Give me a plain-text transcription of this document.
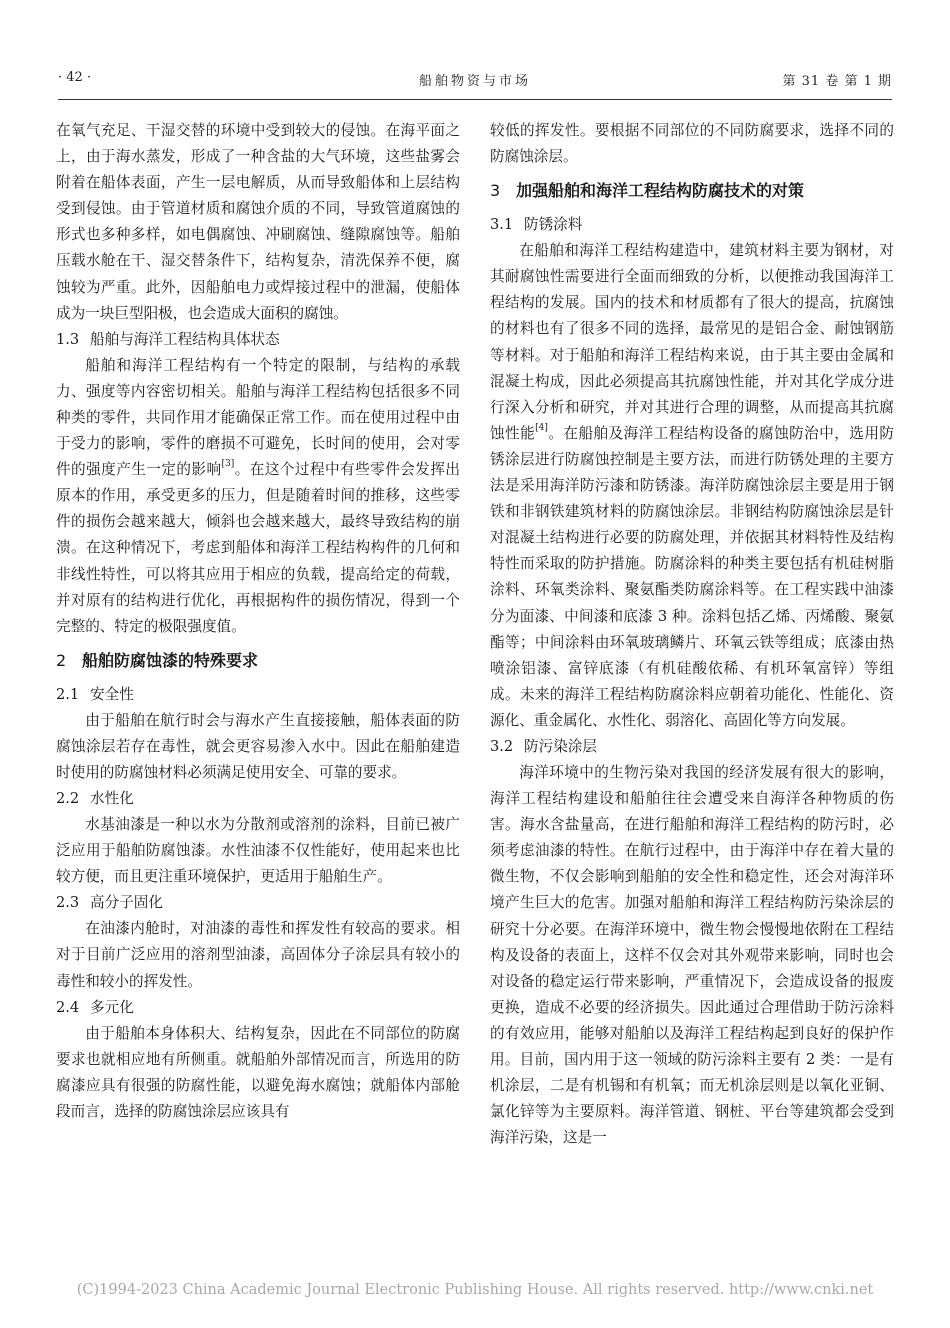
· 42 ·	船舶物资与市场	第 31 卷 第 1 期

在氧气充足、干湿交替的环境中受到较大的侵蚀。在海平面之上，由于海水蒸发，形成了一种含盐的大气环境，这些盐雾会附着在船体表面，产生一层电解质，从而导致船体和上层结构受到侵蚀。由于管道材质和腐蚀介质的不同，导致管道腐蚀的形式也多种多样，如电偶腐蚀、冲刷腐蚀、缝隙腐蚀等。船舶压载水舱在干、湿交替条件下，结构复杂，清洗保养不便，腐蚀较为严重。此外，因船舶电力或焊接过程中的泄漏，使船体成为一块巨型阳极，也会造成大面积的腐蚀。

1.3 船舶与海洋工程结构具体状态

船舶和海洋工程结构有一个特定的限制，与结构的承载力、强度等内容密切相关。船舶与海洋工程结构包括很多不同种类的零件，共同作用才能确保正常工作。而在使用过程中由于受力的影响，零件的磨损不可避免，长时间的使用，会对零件的强度产生一定的影响[3]。在这个过程中有些零件会发挥出原本的作用，承受更多的压力，但是随着时间的推移，这些零件的损伤会越来越大，倾斜也会越来越大，最终导致结构的崩溃。在这种情况下，考虑到船体和海洋工程结构构件的几何和非线性特性，可以将其应用于相应的负载，提高给定的荷载，并对原有的结构进行优化，再根据构件的损伤情况，得到一个完整的、特定的极限强度值。

2 船舶防腐蚀漆的特殊要求
2.1 安全性

由于船舶在航行时会与海水产生直接接触，船体表面的防腐蚀涂层若存在毒性，就会更容易渗入水中。因此在船舶建造时使用的防腐蚀材料必须满足使用安全、可靠的要求。

2.2 水性化

水基油漆是一种以水为分散剂或溶剂的涂料，目前已被广泛应用于船舶防腐蚀漆。水性油漆不仅性能好，使用起来也比较方便，而且更注重环境保护，更适用于船舶生产。

2.3 高分子固化

在油漆内舱时，对油漆的毒性和挥发性有较高的要求。相对于目前广泛应用的溶剂型油漆，高固体分子涂层具有较小的毒性和较小的挥发性。

2.4 多元化

由于船舶本身体积大、结构复杂，因此在不同部位的防腐要求也就相应地有所侧重。就船舶外部情况而言，所选用的防腐漆应具有很强的防腐性能，以避免海水腐蚀；就船体内部舱段而言，选择的防腐蚀涂层应该具有

较低的挥发性。要根据不同部位的不同防腐要求，选择不同的防腐蚀涂层。

3 加强船舶和海洋工程结构防腐技术的对策
3.1 防锈涂料

在船舶和海洋工程结构建造中，建筑材料主要为钢材，对其耐腐蚀性需要进行全面而细致的分析，以便推动我国海洋工程结构的发展。国内的技术和材质都有了很大的提高，抗腐蚀的材料也有了很多不同的选择，最常见的是铝合金、耐蚀钢筋等材料。对于船舶和海洋工程结构来说，由于其主要由金属和混凝土构成，因此必须提高其抗腐蚀性能，并对其化学成分进行深入分析和研究，并对其进行合理的调整，从而提高其抗腐蚀性能[4]。在船舶及海洋工程结构设备的腐蚀防治中，选用防锈涂层进行防腐蚀控制是主要方法，而进行防锈处理的主要方法是采用海洋防污漆和防锈漆。海洋防腐蚀涂层主要是用于钢铁和非钢铁建筑材料的防腐蚀涂层。非钢结构防腐蚀涂层是针对混凝土结构进行必要的防腐处理，并依据其材料特性及结构特性而采取的防护措施。防腐涂料的种类主要包括有机硅树脂涂料、环氧类涂料、聚氨酯类防腐涂料等。在工程实践中油漆分为面漆、中间漆和底漆 3 种。涂料包括乙烯、丙烯酸、聚氨酯等；中间涂料由环氧玻璃鳞片、环氧云铁等组成；底漆由热喷涂铝漆、富锌底漆（有机硅酸依稀、有机环氧富锌）等组成。未来的海洋工程结构防腐涂料应朝着功能化、性能化、资源化、重金属化、水性化、弱溶化、高固化等方向发展。

3.2 防污染涂层

海洋环境中的生物污染对我国的经济发展有很大的影响，海洋工程结构建设和船舶往往会遭受来自海洋各种物质的伤害。海水含盐量高，在进行船舶和海洋工程结构的防污时，必须考虑油漆的特性。在航行过程中，由于海洋中存在着大量的微生物，不仅会影响到船舶的安全性和稳定性，还会对海洋环境产生巨大的危害。加强对船舶和海洋工程结构防污染涂层的研究十分必要。在海洋环境中，微生物会慢慢地依附在工程结构及设备的表面上，这样不仅会对其外观带来影响，同时也会对设备的稳定运行带来影响，严重情况下，会造成设备的报废更换，造成不必要的经济损失。因此通过合理借助于防污涂料的有效应用，能够对船舶以及海洋工程结构起到良好的保护作用。目前，国内用于这一领域的防污涂料主要有 2 类：一是有机涂层，二是有机锡和有机氧；而无机涂层则是以氧化亚铜、氯化锌等为主要原料。海洋管道、钢桩、平台等建筑都会受到海洋污染，这是一

(C)1994-2023 China Academic Journal Electronic Publishing House. All rights reserved. http://www.cnki.net
